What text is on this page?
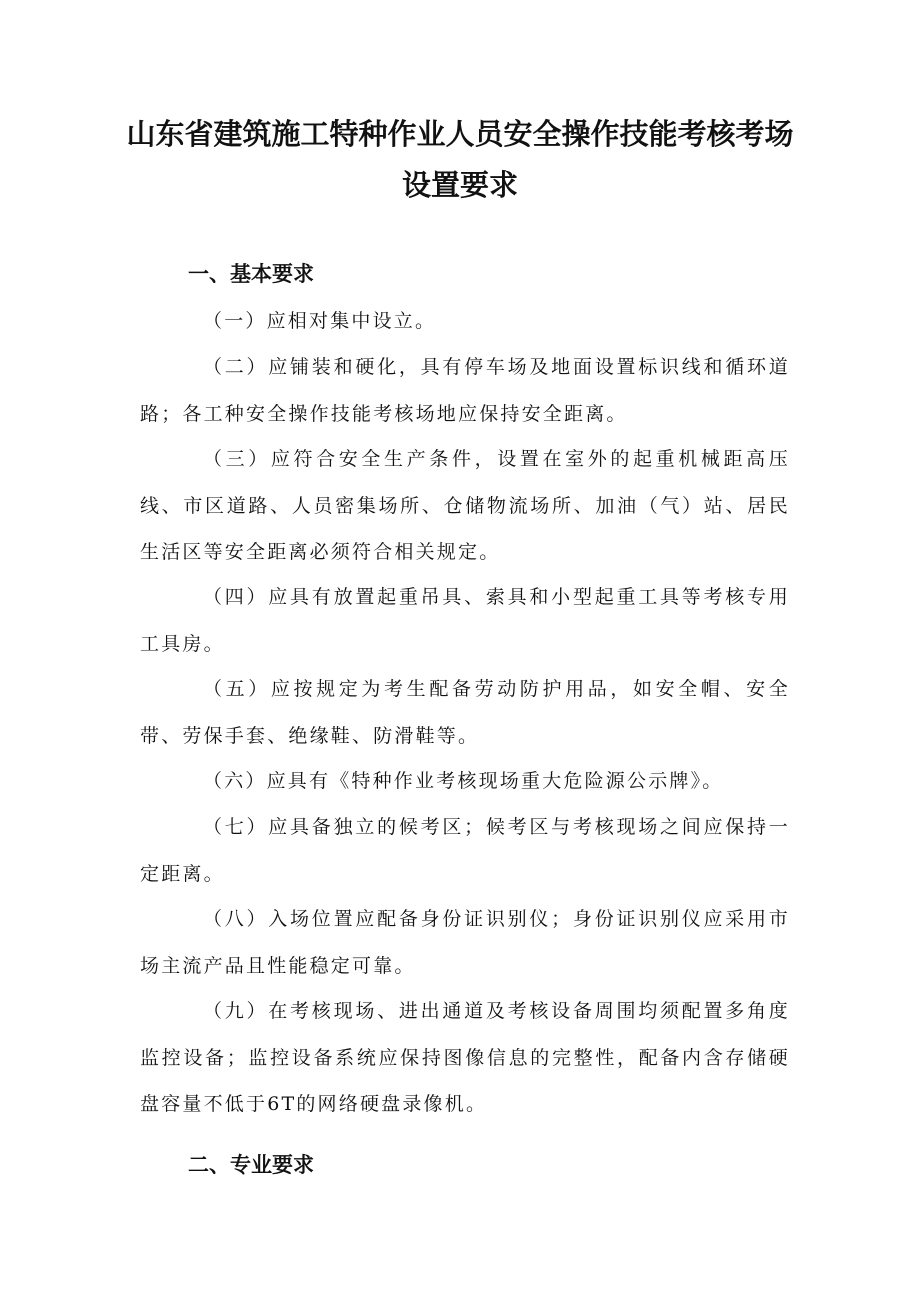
山东省建筑施工特种作业人员安全操作技能考核考场
设置要求
一、基本要求

（一）应相对集中设立。

（二）应铺装和硬化，具有停车场及地面设置标识线和循环道路；各工种安全操作技能考核场地应保持安全距离。

（三）应符合安全生产条件，设置在室外的起重机械距高压线、市区道路、人员密集场所、仓储物流场所、加油（气）站、居民生活区等安全距离必须符合相关规定。

（四）应具有放置起重吊具、索具和小型起重工具等考核专用工具房。

（五）应按规定为考生配备劳动防护用品，如安全帽、安全带、劳保手套、绝缘鞋、防滑鞋等。

（六）应具有《特种作业考核现场重大危险源公示牌》。

（七）应具备独立的候考区；候考区与考核现场之间应保持一定距离。

（八）入场位置应配备身份证识别仪；身份证识别仪应采用市场主流产品且性能稳定可靠。

（九）在考核现场、进出通道及考核设备周围均须配置多角度监控设备；监控设备系统应保持图像信息的完整性，配备内含存储硬盘容量不低于6T的网络硬盘录像机。

二、专业要求
